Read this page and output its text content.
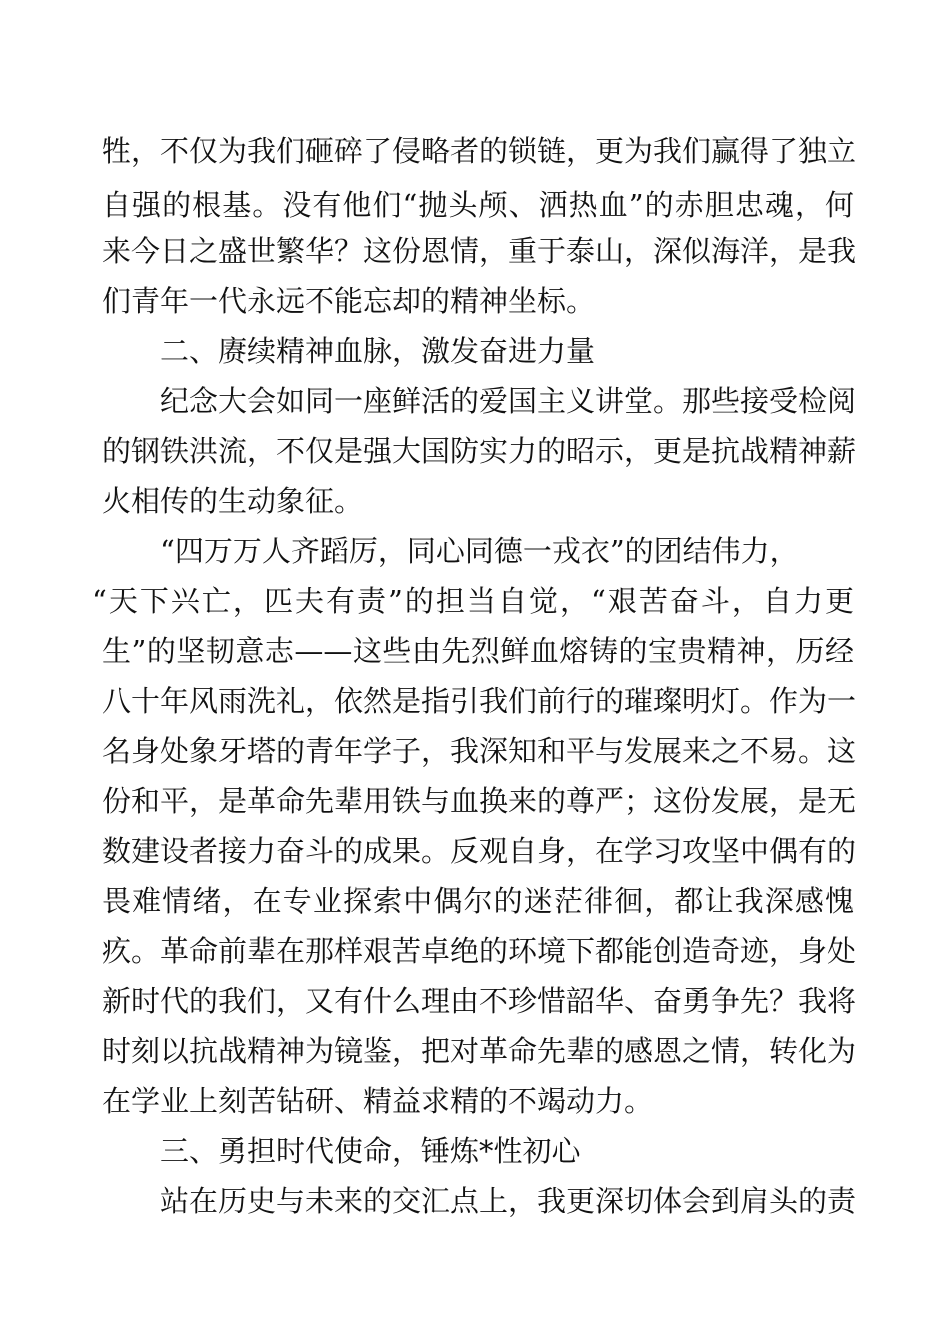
牲，不仅为我们砸碎了侵略者的锁链，更为我们赢得了独立
自强的根基。没有他们“抛头颅、洒热血”的赤胆忠魂，何
来今日之盛世繁华？这份恩情，重于泰山，深似海洋，是我
们青年一代永远不能忘却的精神坐标。
二、赓续精神血脉，激发奋进力量
纪念大会如同一座鲜活的爱国主义讲堂。那些接受检阅
的钢铁洪流，不仅是强大国防实力的昭示，更是抗战精神薪
火相传的生动象征。
“四万万人齐蹈厉，同心同德一戎衣”的团结伟力，
“天下兴亡，匹夫有责”的担当自觉，“艰苦奋斗，自力更
生”的坚韧意志——这些由先烈鲜血熔铸的宝贵精神，历经
八十年风雨洗礼，依然是指引我们前行的璀璨明灯。作为一
名身处象牙塔的青年学子，我深知和平与发展来之不易。这
份和平，是革命先辈用铁与血换来的尊严；这份发展，是无
数建设者接力奋斗的成果。反观自身，在学习攻坚中偶有的
畏难情绪，在专业探索中偶尔的迷茫徘徊，都让我深感愧
疚。革命前辈在那样艰苦卓绝的环境下都能创造奇迹，身处
新时代的我们，又有什么理由不珍惜韶华、奋勇争先？我将
时刻以抗战精神为镜鉴，把对革命先辈的感恩之情，转化为
在学业上刻苦钻研、精益求精的不竭动力。
三、勇担时代使命，锤炼*性初心
站在历史与未来的交汇点上，我更深切体会到肩头的责
